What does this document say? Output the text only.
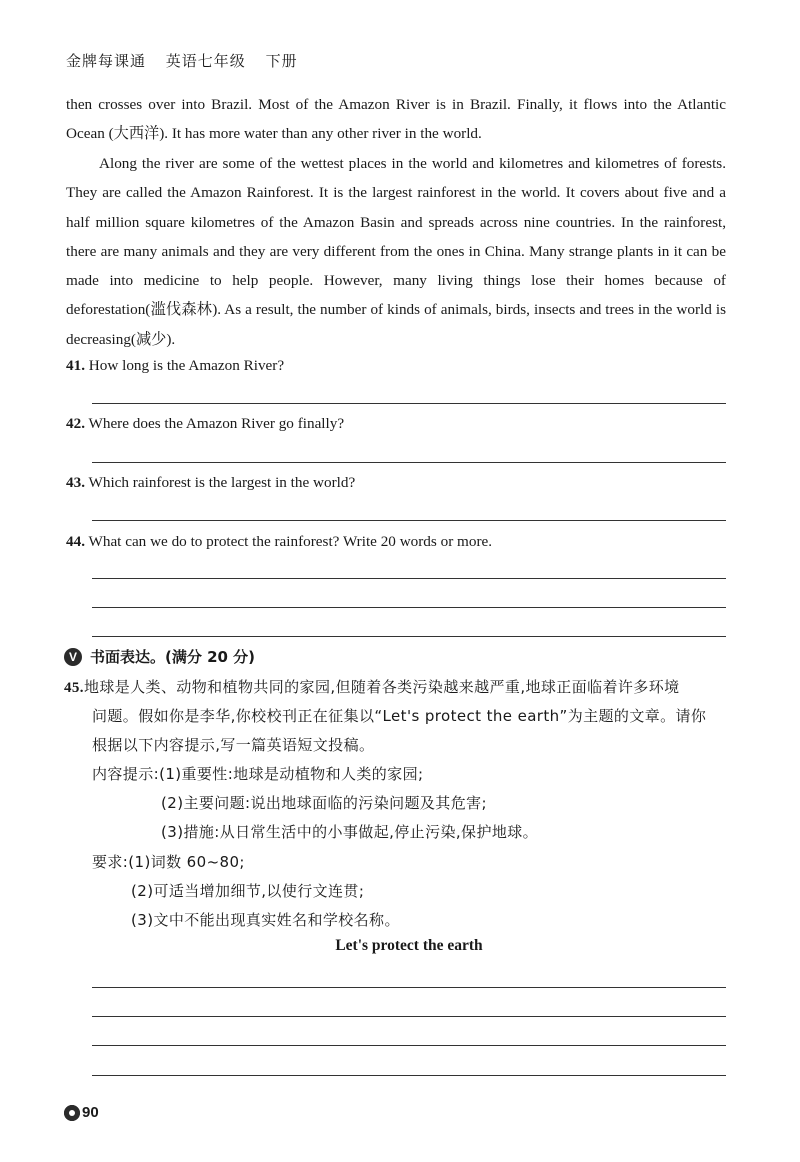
金牌每课通 英语七年级 下册
then crosses over into Brazil. Most of the Amazon River is in Brazil. Finally, it flows into the Atlantic Ocean (大西洋). It has more water than any other river in the world.
Along the river are some of the wettest places in the world and kilometres and kilometres of forests. They are called the Amazon Rainforest. It is the largest rainforest in the world. It covers about five and a half million square kilometres of the Amazon Basin and spreads across nine countries. In the rainforest, there are many animals and they are very different from the ones in China. Many strange plants in it can be made into medicine to help people. However, many living things lose their homes because of deforestation(滥伐森林). As a result, the number of kinds of animals, birds, insects and trees in the world is decreasing(减少).
41. How long is the Amazon River?
42. Where does the Amazon River go finally?
43. Which rainforest is the largest in the world?
44. What can we do to protect the rainforest? Write 20 words or more.
V 书面表达。(满分 20 分)
45.地球是人类、动物和植物共同的家园,但随着各类污染越来越严重,地球正面临着许多环境
问题。假如你是李华,你校校刊正在征集以“Let's protect the earth”为主题的文章。请你
根据以下内容提示,写一篇英语短文投稿。
内容提示:(1)重要性:地球是动植物和人类的家园;
(2)主要问题:说出地球面临的污染问题及其危害;
(3)措施:从日常生活中的小事做起,停止污染,保护地球。
要求:(1)词数 60~80;
(2)可适当增加细节,以使行文连贯;
(3)文中不能出现真实姓名和学校名称。
Let's protect the earth
90
